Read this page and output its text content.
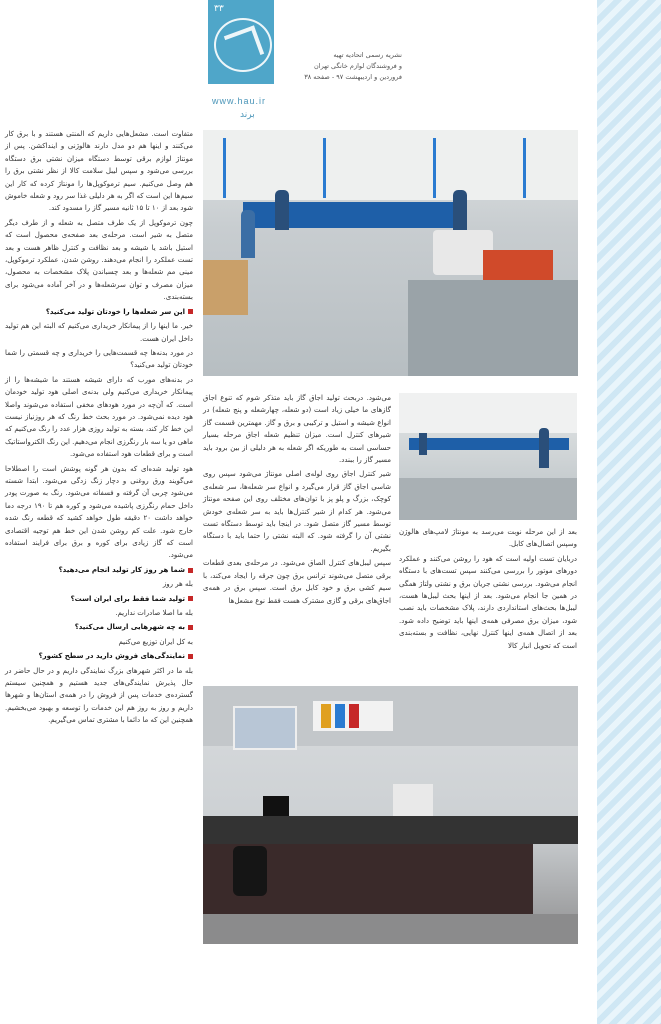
۳۳
www.hau.ir
برند
نشریه رسمی اتحادیه تهیه
و فروشندگان لوازم خانگی تهران
فروردین و اردیبهشت ۹۷ - صفحه ۳۸

متفاوت است. مشعل‌هایی داریم که المنتی هستند و با برق کار می‌کنند و اینها هم دو مدل دارند هالوژنی و اینداکشن. پس از مونتاژ لوازم برقی توسط دستگاه میزان نشتی برق دستگاه بررسی می‌شود و سپس لیبل سلامت کالا از نظر نشتی برق را هم وصل می‌کنیم. سیم ترموکوپل‌ها را مونتاژ کرده که کار این سیم‌ها این است که اگر به هر دلیلی غذا سر رود و شعله خاموش شود بعد از ۱۰ تا ۱۵ ثانیه مسیر گاز را مسدود کند.

چون ترموکوپل از یک طرف متصل به شعله و از طرف دیگر متصل به شیر است. مرحله‌ی بعد صفحه‌ی محصول است که استیل باشد یا شیشه و بعد نظافت و کنترل ظاهر هست و بعد تست عملکرد را انجام می‌دهند. روشن شدن، عملکرد ترموکوپل، مینی مم شعله‌ها و بعد چسباندن پلاک مشخصات به محصول، میزان مصرف و توان سرشعله‌ها و در آخر آماده می‌شود برای بسته‌بندی.

این سر شعله‌ها را خودتان تولید می‌کنید؟

خیر. ما اینها را از پیمانکار خریداری می‌کنیم که البته این هم تولید داخل ایران هست.

در مورد بدنه‌ها چه قسمت‌هایی را خریداری و چه قسمتی را شما خودتان تولید می‌کنید؟

در بدنه‌های مورب که دارای شیشه هستند ما شیشه‌ها را از پیمانکار خریداری می‌کنیم ولی بدنه‌ی اصلی هود تولید خودمان است. که آن‌چه در مورد هودهای مخفی استفاده می‌شوند واصلا هود دیده نمی‌شود. در مورد بحث خط رنگ که هر روزنیاز نیست این خط کار کند، بسته به تولید روزی هزار عدد را رنگ می‌کنیم که ماهی دو یا سه بار رنگرزی انجام می‌دهیم. این رنگ الکترواستاتیک است و برای قطعات هود استفاده می‌شود.

هود تولید شده‌ای که بدون هر گونه پوشش است را اصطلاحا می‌گویند ورق روغنی و دچار زنگ زدگی می‌شود. ابتدا شسته می‌شود چربی آن گرفته و فسفاته می‌شود. رنگ به صورت پودر داخل حمام رنگرزی پاشیده می‌شود و کوره هم تا ۱۹۰ درجه دما خواهد داشت ۲۰ دقیقه طول خواهد کشید که قطعه رنگ شده خارج شود. علت کم روشن شدن این خط هم توجیه اقتصادی است که گاز زیادی برای کوره و برق برای فرایند استفاده می‌شود.

شما هر روز کار تولید انجام می‌دهید؟

بله هر روز

تولید شما فقط برای ایران است؟

بله ما اصلا صادرات نداریم.

به چه شهرهایی ارسال می‌کنید؟

به کل ایران توزیع می‌کنیم

نمایندگی‌های فروش دارید در سطح کشور؟

بله ما در اکثر شهرهای بزرگ نمایندگی داریم و در حال حاضر در حال پذیرش نمایندگی‌های جدید هستیم و همچنین سیستم گسترده‌ی خدمات پس از فروش را در همه‌ی استان‌ها و شهرها داریم و روز به روز هم این خدمات را توسعه و بهبود می‌بخشیم. همچنین این که ما دائما با مشتری تماس می‌گیریم.

می‌شود. دربحث تولید اجاق گاز باید متذکر شوم که تنوع اجاق گازهای ما خیلی زیاد است (دو شعله، چهارشعله و پنج شعله) در انواع شیشه و استیل و ترکیبی و برق و گاز. مهمترین قسمت گاز شیرهای کنترل است. میزان تنظیم شعله اجاق مرحله بسیار حساسی است به طوریکه اگر شعله به هر دلیلی از بین برود باید مسیر گاز را ببندد.

شیر کنترل اجاق روی لوله‌ی اصلی مونتاژ می‌شود سپس روی شاسی اجاق گاز قرار می‌گیرد و انواع سر شعله‌ها، سر شعله‌ی کوچک، بزرگ و پلو پز با توان‌های مختلف روی این صفحه مونتاژ می‌شود. هر کدام از شیر کنترل‌ها باید به سر شعله‌ی خودش توسط مسیر گاز متصل شود. در اینجا باید توسط دستگاه تست نشتی آن را گرفته شود. که البته نشتی را حتما باید با دستگاه بگیریم.

سپس لیبل‌های کنترل الصاق می‌شود. در مرحله‌ی بعدی قطعات برقی متصل می‌شوند ترانس برق چون جرقه را ایجاد می‌کند، با سیم کشی برق و خود کابل برق است. سپس برق در همه‌ی اجاق‌های برقی و گازی مشترک هست فقط نوع مشعل‌ها

بعد از این مرحله نوبت می‌رسد به مونتاژ لامپ‌های هالوژن وسپس اتصال‌های کابل.

دربایان تست اولیه است که هود را روشن می‌کنند و عملکرد دورهای موتور را بررسی می‌کنند سپس تست‌های با دستگاه انجام می‌شود. بررسی نشتی جریان برق و نشتی ولتاژ همگی در همین جا انجام می‌شود. بعد از اینها بحث لیبل‌ها هست، لیبل‌ها بحث‌های استانداردی دارند، پلاک مشخصات باید نصب شود، میزان برق مصرفی همه‌ی اینها باید توضیح داده شود. بعد از اتصال همه‌ی اینها کنترل نهایی، نظافت و بسته‌بندی است که تحویل انبار کالا
